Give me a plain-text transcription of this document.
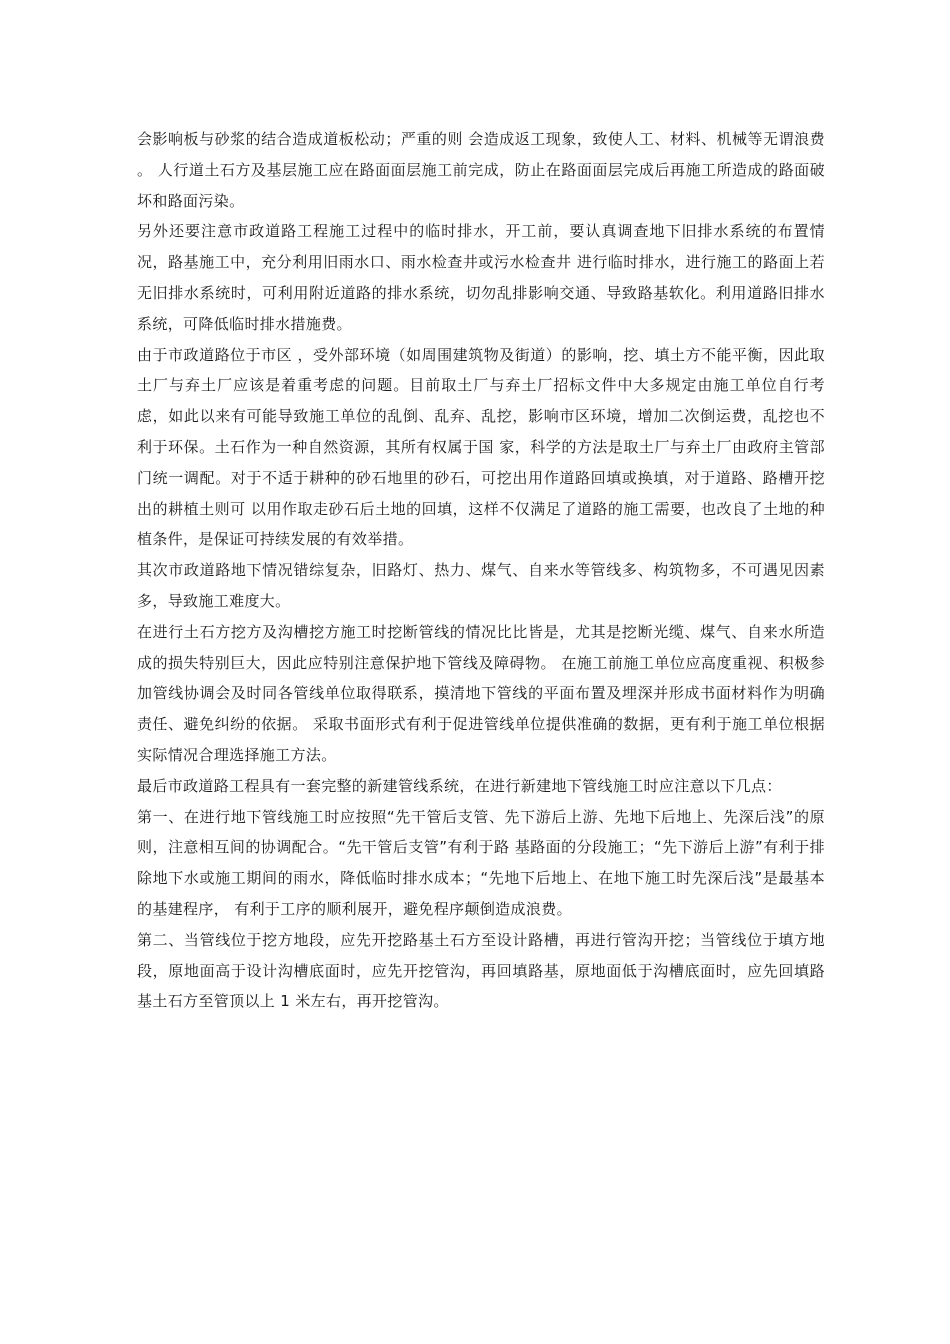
会影响板与砂浆的结合造成道板松动；严重的则 会造成返工现象，致使人工、材料、机械等无谓浪费 。 人行道土石方及基层施工应在路面面层施工前完成，防止在路面面层完成后再施工所造成的路面破坏和路面污染。

另外还要注意市政道路工程施工过程中的临时排水，开工前，要认真调查地下旧排水系统的布置情况，路基施工中，充分利用旧雨水口、雨水检查井或污水检查井 进行临时排水，进行施工的路面上若无旧排水系统时，可利用附近道路的排水系统，切勿乱排影响交通、导致路基软化。利用道路旧排水系统，可降低临时排水措施费。

由于市政道路位于市区 ，受外部环境（如周围建筑物及街道）的影响，挖、填土方不能平衡，因此取土厂与弃土厂应该是着重考虑的问题。目前取土厂与弃土厂招标文件中大多规定由施工单位自行考虑，如此以来有可能导致施工单位的乱倒、乱弃、乱挖，影响市区环境，增加二次倒运费，乱挖也不利于环保。土石作为一种自然资源，其所有权属于国 家，科学的方法是取土厂与弃土厂由政府主管部门统一调配。对于不适于耕种的砂石地里的砂石，可挖出用作道路回填或换填，对于道路、路槽开挖出的耕植土则可 以用作取走砂石后土地的回填，这样不仅满足了道路的施工需要，也改良了土地的种植条件，是保证可持续发展的有效举措。

其次市政道路地下情况错综复杂，旧路灯、热力、煤气、自来水等管线多、构筑物多，不可遇见因素多，导致施工难度大。

在进行土石方挖方及沟槽挖方施工时挖断管线的情况比比皆是，尤其是挖断光缆、煤气、自来水所造成的损失特别巨大，因此应特别注意保护地下管线及障碍物。 在施工前施工单位应高度重视、积极参加管线协调会及时同各管线单位取得联系，摸清地下管线的平面布置及埋深并形成书面材料作为明确责任、避免纠纷的依据。 采取书面形式有利于促进管线单位提供准确的数据，更有利于施工单位根据实际情况合理选择施工方法。

最后市政道路工程具有一套完整的新建管线系统，在进行新建地下管线施工时应注意以下几点：

第一、在进行地下管线施工时应按照“先干管后支管、先下游后上游、先地下后地上、先深后浅”的原则，注意相互间的协调配合。“先干管后支管”有利于路 基路面的分段施工；“先下游后上游”有利于排除地下水或施工期间的雨水，降低临时排水成本；“先地下后地上、在地下施工时先深后浅”是最基本的基建程序， 有利于工序的顺利展开，避免程序颠倒造成浪费。

第二、当管线位于挖方地段，应先开挖路基土石方至设计路槽，再进行管沟开挖；当管线位于填方地段，原地面高于设计沟槽底面时，应先开挖管沟，再回填路基，原地面低于沟槽底面时，应先回填路基土石方至管顶以上 1 米左右，再开挖管沟。
